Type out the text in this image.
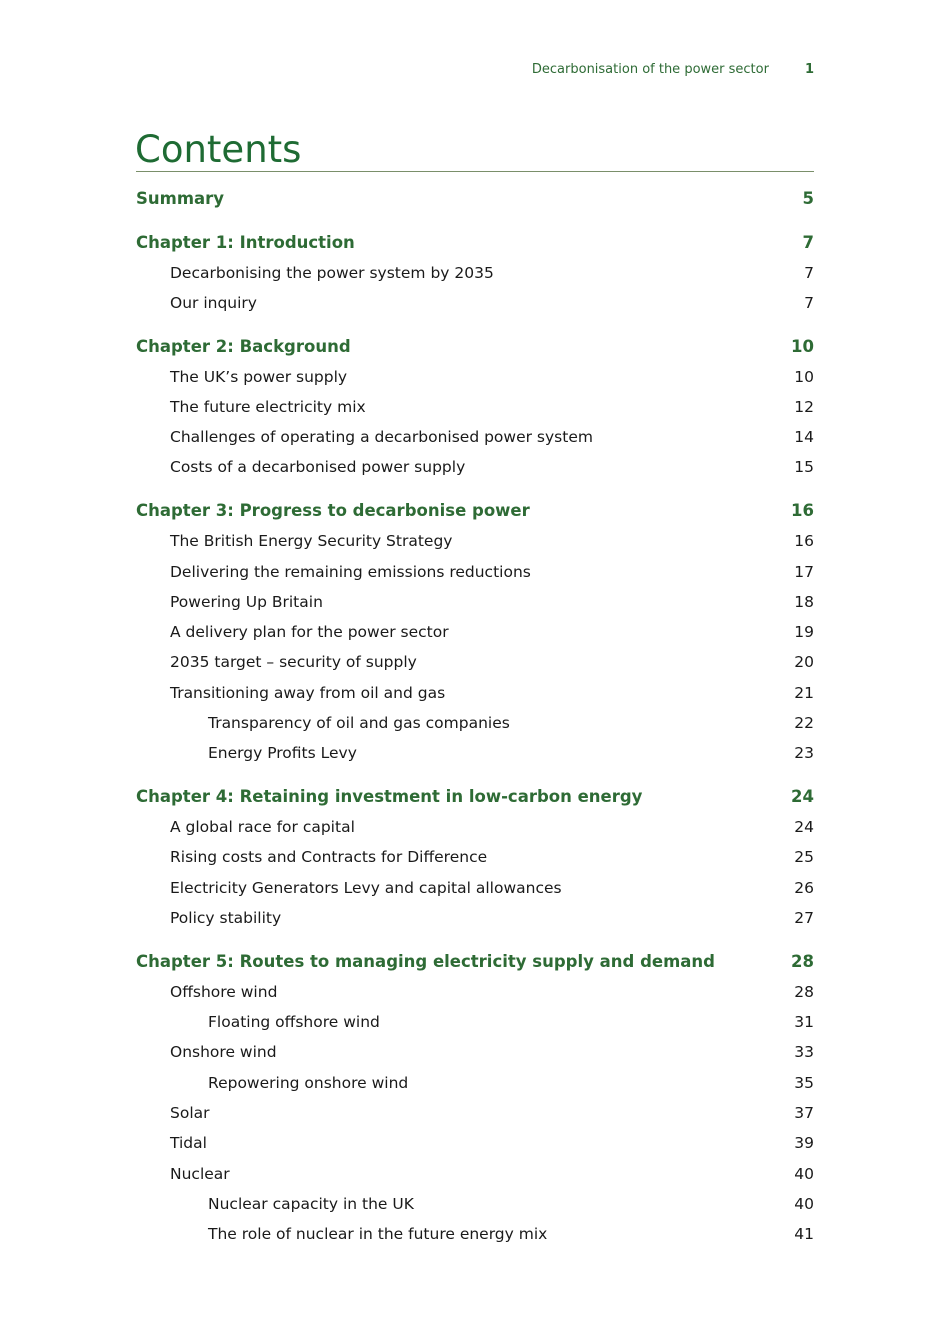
Decarbonisation of the power sector	1
Contents
Summary	5
Chapter 1: Introduction	7
Decarbonising the power system by 2035	7
Our inquiry	7
Chapter 2: Background	10
The UK’s power supply	10
The future electricity mix	12
Challenges of operating a decarbonised power system	14
Costs of a decarbonised power supply	15
Chapter 3: Progress to decarbonise power	16
The British Energy Security Strategy	16
Delivering the remaining emissions reductions	17
Powering Up Britain	18
A delivery plan for the power sector	19
2035 target – security of supply	20
Transitioning away from oil and gas	21
Transparency of oil and gas companies	22
Energy Profits Levy	23
Chapter 4: Retaining investment in low-carbon energy	24
A global race for capital	24
Rising costs and Contracts for Difference	25
Electricity Generators Levy and capital allowances	26
Policy stability	27
Chapter 5: Routes to managing electricity supply and demand	28
Offshore wind	28
Floating offshore wind	31
Onshore wind	33
Repowering onshore wind	35
Solar	37
Tidal	39
Nuclear	40
Nuclear capacity in the UK	40
The role of nuclear in the future energy mix	41
